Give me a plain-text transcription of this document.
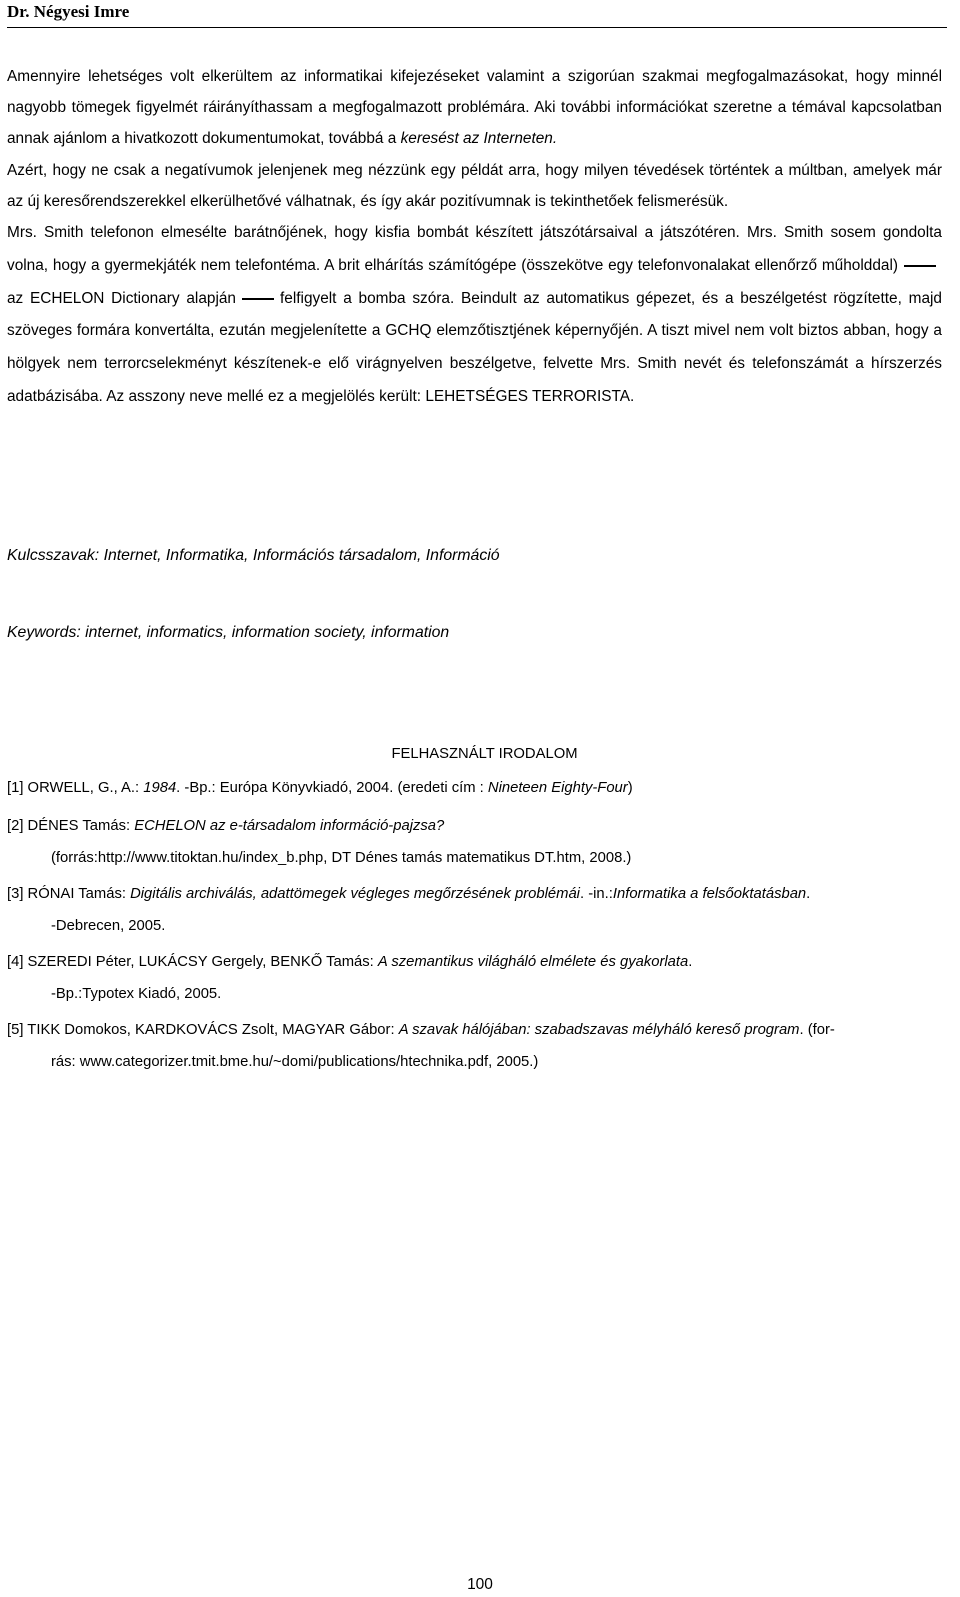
Dr. Négyesi Imre

Amennyire lehetséges volt elkerültem az informatikai kifejezéseket valamint a szigorúan szakmai megfogalmazásokat, hogy minnél nagyobb tömegek figyelmét ráirányíthassam a megfogalmazott problémára. Aki további információkat szeretne a témával kapcsolatban annak ajánlom a hivatkozott dokumentumokat, továbbá a keresést az Interneten.

Azért, hogy ne csak a negatívumok jelenjenek meg nézzünk egy példát arra, hogy milyen tévedések történtek a múltban, amelyek már az új keresőrendszerekkel elkerülhetővé válhatnak, és így akár pozitívumnak is tekinthetőek felismerésük.

Mrs. Smith telefonon elmesélte barátnőjének, hogy kisfia bombát készített játszótársaival a játszótéren. Mrs. Smith sosem gondolta volna, hogy a gyermekjáték nem telefontéma. A brit elhárítás számítógépe (összekötve egy telefonvonalakat ellenőrző műholddal)az ECHELON Dictionary alapján	felfigyelt a bomba szóra. Beindult az automatikus gépezet, és a beszélgetést rögzítette, majd szöveges formára konvertálta, ezután megjelenítette a GCHQ elemzőtisztjének képernyőjén. A tiszt mivel nem volt biztos abban, hogy a hölgyek nem terrorcselekményt készítenek-e elő virágnyelven beszélgetve, felvette Mrs. Smith nevét és telefonszámát a hírszerzés adatbázisába. Az asszony neve mellé ez a megjelölés került: LEHETSÉGES TERRORISTA.

Kulcsszavak: Internet, Informatika, Információs társadalom, Információ
Keywords: internet, informatics, information society, information
FELHASZNÁLT IRODALOM
[1] ORWELL, G., A.: 1984. -Bp.: Európa Könyvkiadó, 2004. (eredeti cím : Nineteen Eighty-Four)
[2] DÉNES Tamás: ECHELON az e-társadalom információ-pajzsa?
(forrás:http://www.titoktan.hu/index_b.php, DT Dénes tamás matematikus DT.htm, 2008.)
[3] RÓNAI Tamás: Digitális archiválás, adattömegek végleges megőrzésének problémái. -in.:Informatika a felsőoktatásban.
-Debrecen, 2005.
[4] SZEREDI Péter, LUKÁCSY Gergely, BENKŐ Tamás: A szemantikus világháló elmélete és gyakorlata.
-Bp.:Typotex Kiadó, 2005.
[5] TIKK Domokos, KARDKOVÁCS Zsolt, MAGYAR Gábor: A szavak hálójában: szabadszavas mélyháló kereső program. (for-
rás: www.categorizer.tmit.bme.hu/~domi/publications/htechnika.pdf, 2005.)
100
